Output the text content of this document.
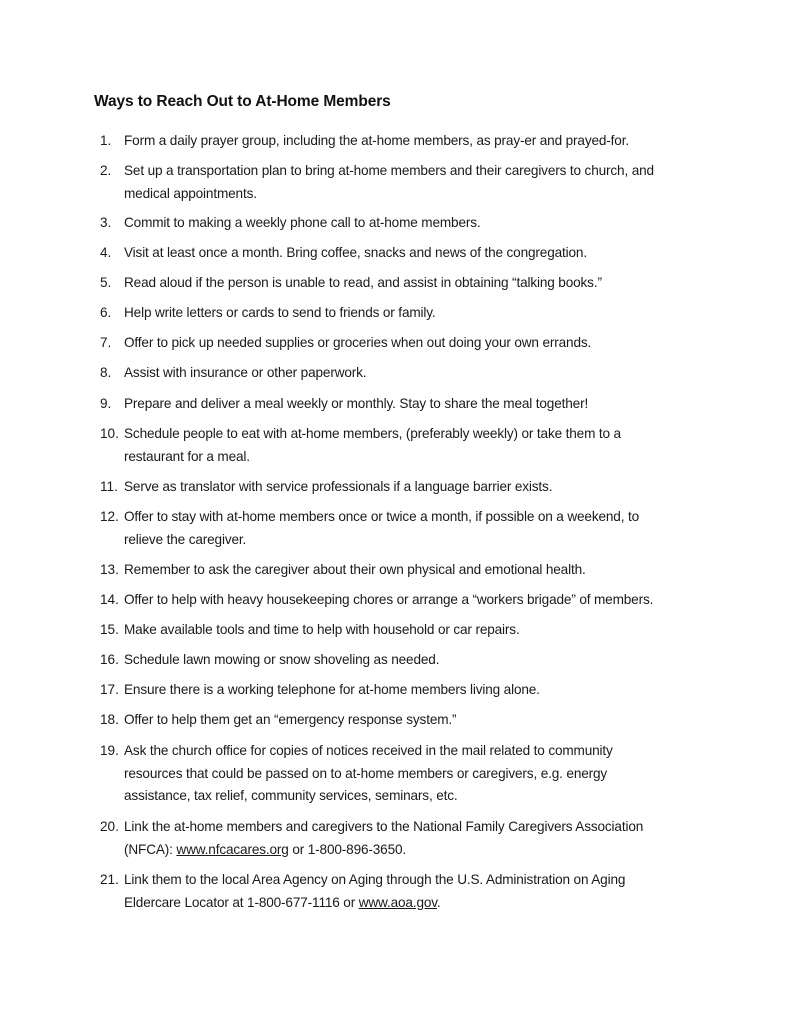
Ways to Reach Out to At-Home Members
1. Form a daily prayer group, including the at-home members, as pray-er and prayed-for.
2. Set up a transportation plan to bring at-home members and their caregivers to church, and
medical appointments.
3. Commit to making a weekly phone call to at-home members.
4. Visit at least once a month. Bring coffee, snacks and news of the congregation.
5. Read aloud if the person is unable to read, and assist in obtaining “talking books.”
6. Help write letters or cards to send to friends or family.
7. Offer to pick up needed supplies or groceries when out doing your own errands.
8. Assist with insurance or other paperwork.
9. Prepare and deliver a meal weekly or monthly. Stay to share the meal together!
10. Schedule people to eat with at-home members, (preferably weekly) or take them to a
restaurant for a meal.
11. Serve as translator with service professionals if a language barrier exists.
12. Offer to stay with at-home members once or twice a month, if possible on a weekend, to
relieve the caregiver.
13. Remember to ask the caregiver about their own physical and emotional health.
14. Offer to help with heavy housekeeping chores or arrange a “workers brigade” of members.
15. Make available tools and time to help with household or car repairs.
16. Schedule lawn mowing or snow shoveling as needed.
17. Ensure there is a working telephone for at-home members living alone.
18. Offer to help them get an “emergency response system.”
19. Ask the church office for copies of notices received in the mail related to community
resources that could be passed on to at-home members or caregivers, e.g. energy
assistance, tax relief, community services, seminars, etc.
20. Link the at-home members and caregivers to the National Family Caregivers Association
(NFCA): www.nfcacares.org or 1-800-896-3650.
21. Link them to the local Area Agency on Aging through the U.S. Administration on Aging
Eldercare Locator at 1-800-677-1116 or www.aoa.gov.
